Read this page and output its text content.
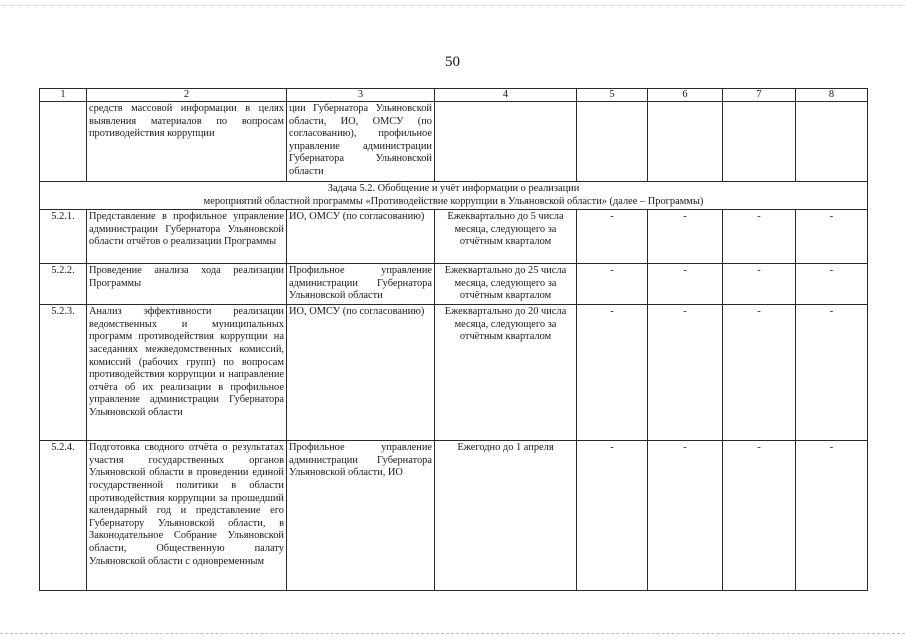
50
1	2	3	4	5	6	7	8
	средств массовой информации в целях выявления материалов по вопросам противодействия коррупции	ции Губернатора Ульяновской области, ИО, ОМСУ (по согласованию), профильное управление администрации Губернатора Ульяновской области					

Задача 5.2. Обобщение и учёт информации о реализации
мероприятий областной программы «Противодействие коррупции в Ульяновской области» (далее – Программы)							

5.2.1.	Представление в профильное управление администрации Губернатора Ульяновской области отчётов о реализации Программы	ИО, ОМСУ (по согласованию)	Ежеквартально до 5 числа месяца, следующего за отчётным кварталом	-	-	-	-
5.2.2.	Проведение анализа хода реализации Программы	Профильное управление администрации Губернатора Ульяновской области	Ежеквартально до 25 числа месяца, следующего за отчётным кварталом	-	-	-	-
5.2.3.	Анализ эффективности реализации ведомственных и муниципальных программ противодействия коррупции на заседаниях межведомственных комиссий, комиссий (рабочих групп) по вопросам противодействия коррупции и направление отчёта об их реализации в профильное управление администрации Губернатора Ульяновской области	ИО, ОМСУ (по согласованию)	Ежеквартально до 20 числа месяца, следующего за отчётным кварталом	-	-	-	-
5.2.4.	Подготовка сводного отчёта о результатах участия государственных органов Ульяновской области в проведении единой государственной политики в области противодействия коррупции за прошедший календарный год и представление его Губернатору Ульяновской области, в Законодательное Собрание Ульяновской области, Общественную палату Ульяновской области с одновременным	Профильное управление администрации Губернатора Ульяновской области, ИО	Ежегодно до 1 апреля	-	-	-	-
